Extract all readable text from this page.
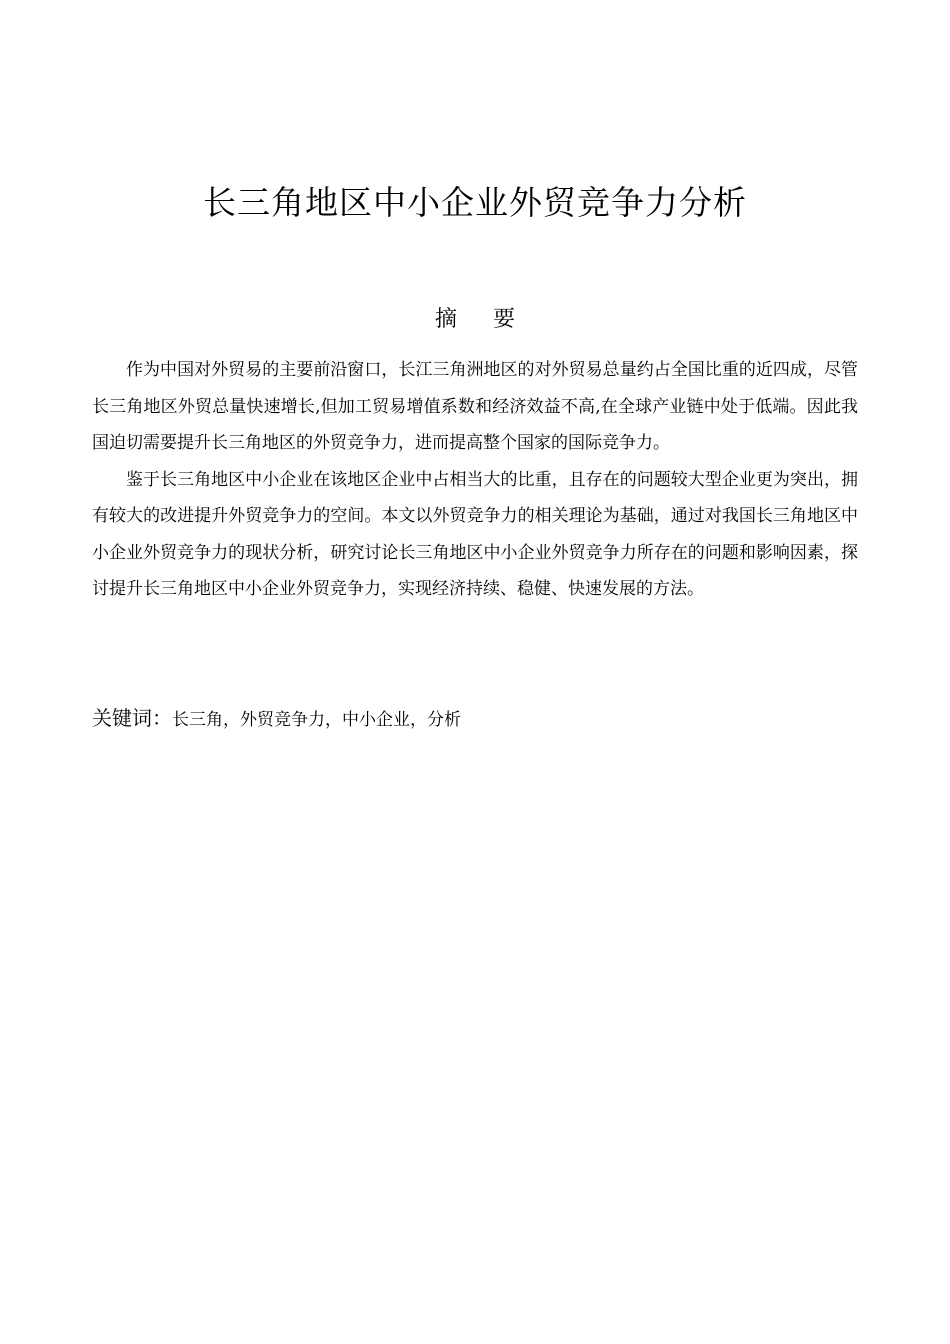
长三角地区中小企业外贸竞争力分析
摘要

作为中国对外贸易的主要前沿窗口，长江三角洲地区的对外贸易总量约占全国比重的近四成，尽管长三角地区外贸总量快速增长,但加工贸易增值系数和经济效益不高,在全球产业链中处于低端。因此我国迫切需要提升长三角地区的外贸竞争力，进而提高整个国家的国际竞争力。

鉴于长三角地区中小企业在该地区企业中占相当大的比重，且存在的问题较大型企业更为突出，拥有较大的改进提升外贸竞争力的空间。本文以外贸竞争力的相关理论为基础，通过对我国长三角地区中小企业外贸竞争力的现状分析，研究讨论长三角地区中小企业外贸竞争力所存在的问题和影响因素，探讨提升长三角地区中小企业外贸竞争力，实现经济持续、稳健、快速发展的方法。

关键词：长三角，外贸竞争力，中小企业，分析
